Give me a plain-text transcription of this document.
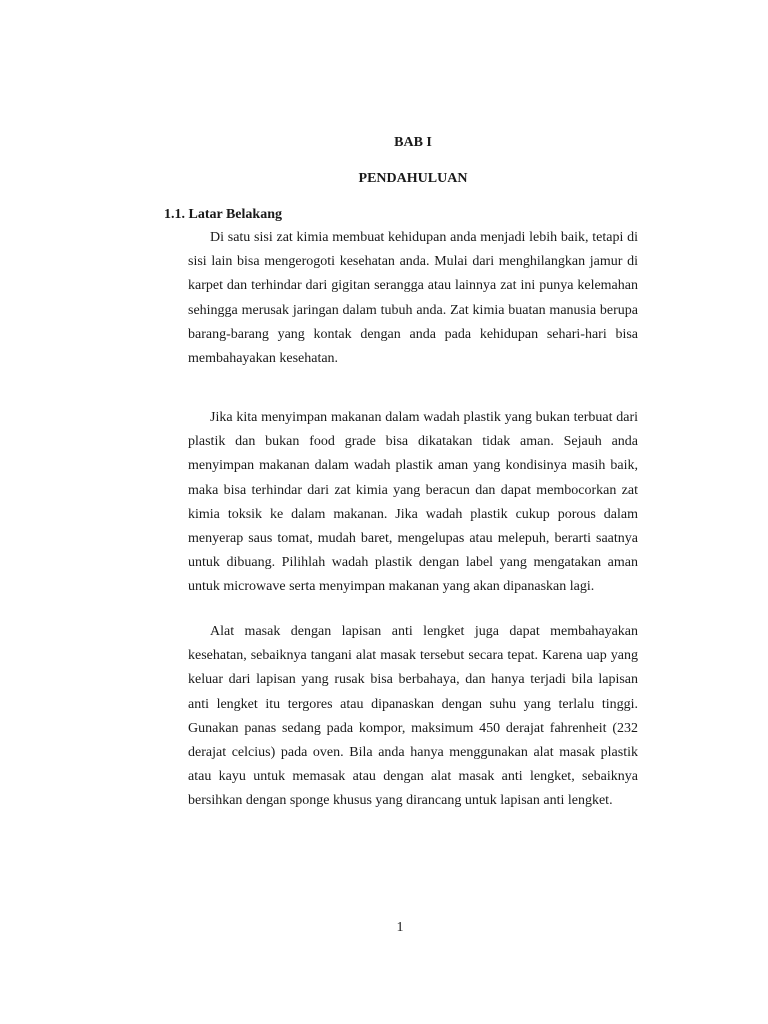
BAB I

PENDAHULUAN

1.1. Latar Belakang

Di satu sisi zat kimia membuat kehidupan anda menjadi lebih baik, tetapi di sisi lain bisa mengerogoti kesehatan anda. Mulai dari menghilangkan jamur di karpet dan terhindar dari gigitan serangga atau lainnya zat ini punya kelemahan sehingga merusak jaringan dalam tubuh anda. Zat kimia buatan manusia berupa barang-barang yang kontak dengan anda pada kehidupan sehari-hari bisa membahayakan kesehatan.

Jika kita menyimpan makanan dalam wadah plastik yang bukan terbuat dari plastik dan bukan food grade bisa dikatakan tidak aman. Sejauh anda menyimpan makanan dalam wadah plastik aman yang kondisinya masih baik, maka bisa terhindar dari zat kimia yang beracun dan dapat membocorkan zat kimia toksik ke dalam makanan. Jika wadah plastik cukup porous dalam menyerap saus tomat, mudah baret, mengelupas atau melepuh, berarti saatnya untuk dibuang. Pilihlah wadah plastik dengan label yang mengatakan aman untuk microwave serta menyimpan makanan yang akan dipanaskan lagi.

Alat masak dengan lapisan anti lengket juga dapat membahayakan kesehatan, sebaiknya tangani alat masak tersebut secara tepat. Karena uap yang keluar dari lapisan yang rusak bisa berbahaya, dan hanya terjadi bila lapisan anti lengket itu tergores atau dipanaskan dengan suhu yang terlalu tinggi. Gunakan panas sedang pada kompor, maksimum 450 derajat fahrenheit (232 derajat celcius) pada oven. Bila anda hanya menggunakan alat masak plastik atau kayu untuk memasak atau dengan alat masak anti lengket, sebaiknya bersihkan dengan sponge khusus yang dirancang untuk lapisan anti lengket.

1
